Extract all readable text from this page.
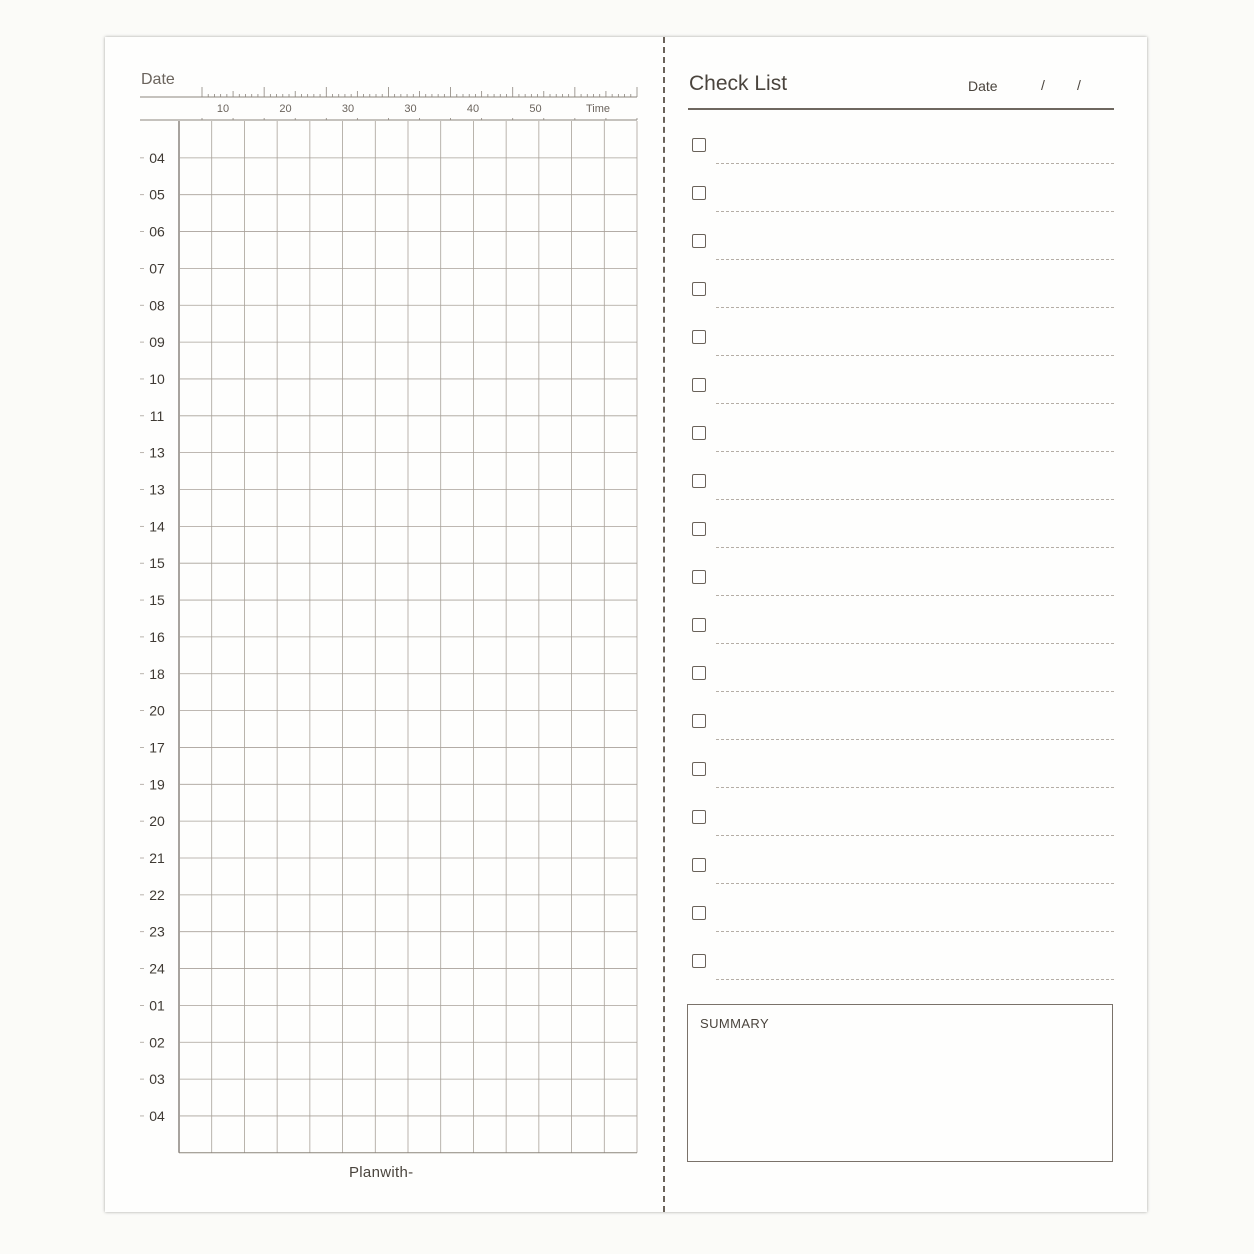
Date
10	20	30	30	40	50	Time
04
05
06
07
08
09
10
11
13
13
14
15
15
16
18
20
17
19
20
21
22
23
24
01
02
03
04
Planwith-
Check List	Date	/ /
SUMMARY
